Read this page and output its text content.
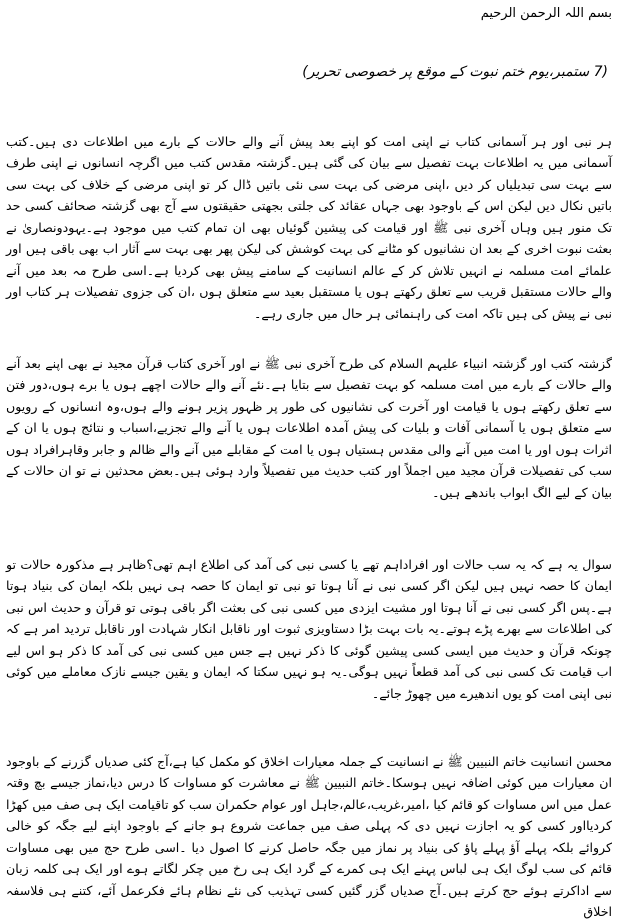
بسم اللہ الرحمن الرحیم
(7 ستمبر،یوم ختم نبوت کے موقع پر خصوصی تحریر)

ہر نبی اور ہر آسمانی کتاب نے اپنی امت کو اپنے بعد پیش آنے والے حالات کے بارے میں اطلاعات دی ہیں۔کتب آسمانی میں یہ اطلاعات بہت تفصیل سے بیان کی گئی ہیں۔گزشتہ مقدس کتب میں اگرچہ انسانوں نے اپنی طرف سے بہت سی تبدیلیاں کر دیں ،اپنی مرضی کی بہت سی نئی باتیں ڈال کر تو اپنی مرضی کے خلاف کی بہت سی باتیں نکال دیں لیکن اس کے باوجود بھی جہاں عقائد کی جلتی بجھتی حقیقتوں سے آج بھی گزشتہ صحائف کسی حد تک منور ہیں وہاں آخری نبی ﷺ اور قیامت کی پیشین گوئیاں بھی ان تمام کتب میں موجود ہے۔یہودونصاریٰ نے بعثت نبوت اخری کے بعد ان نشانیوں کو مٹانے کی بہت کوشش کی لیکن پھر بھی بہت سے آثار اب بھی باقی ہیں اور علمائے امت مسلمہ نے انہیں تلاش کر کے عالم انسانیت کے سامنے پیش بھی کردیا ہے۔اسی طرح مہ بعد میں آنے والے حالات مستقبل قریب سے تعلق رکھتے ہوں یا مستقبل بعید سے متعلق ہوں ،ان کی جزوی تفصیلات ہر کتاب اور نبی نے پیش کی ہیں تاکہ امت کی راہنمائی ہر حال میں جاری رہے۔

گزشتہ کتب اور گزشتہ انبیاء علیہم السلام کی طرح آخری نبی ﷺ نے اور آخری کتاب قرآن مجید نے بھی اپنے بعد آنے والے حالات کے بارے میں امت مسلمہ کو بہت تفصیل سے بتایا ہے۔نئے آنے والے حالات اچھے ہوں یا برے ہوں،دور فتن سے تعلق رکھتے ہوں یا قیامت اور آخرت کی نشانیوں کی طور پر ظہور پزیر ہونے والے ہوں،وہ انسانوں کے رویوں سے متعلق ہوں یا آسمانی آفات و بلیات کی پیش آمدہ اطلاعات ہوں یا آنے والے تجزیے،اسباب و نتائج ہوں یا ان کے اثرات ہوں اور یا امت میں آنے والی مقدس ہستیاں ہوں یا امت کے مقابلے میں آنے والے ظالم و جابر وقاہرافراد ہوں سب کی تفصیلات قرآن مجید میں اجملاً اور کتب حدیث میں تفصیلاً وارد ہوئی ہیں۔بعض محدثین نے تو ان حالات کے بیان کے لیے الگ ابواب باندھے ہیں۔

سوال یہ ہے کہ یہ سب حالات اور افراداہم تھے یا کسی نبی کی آمد کی اطلاع اہم تھی؟ظاہر ہے مذکورہ حالات تو ایمان کا حصہ نہیں ہیں لیکن اگر کسی نبی نے آنا ہوتا تو نبی تو ایمان کا حصہ ہی نہیں بلکہ ایمان کی بنیاد ہوتا ہے۔پس اگر کسی نبی نے آنا ہوتا اور مشیت ایزدی میں کسی نبی کی بعثت اگر باقی ہوتی تو قرآن و حدیث اس نبی کی اطلاعات سے بھرے پڑے ہوتے۔یہ بات بہت بڑا دستاویزی ثبوت اور ناقابل انکار شہادت اور ناقابل تردید امر ہے کہ چونکہ قرآن و حدیث میں ایسی کسی پیشین گوئی کا ذکر نہیں ہے جس میں کسی نبی کی آمد کا ذکر ہو اس لیے اب قیامت تک کسی نبی کی آمد قطعاً نہیں ہوگی۔یہ ہو نہیں سکتا کہ ایمان و یقین جیسے نازک معاملے میں کوئی نبی اپنی امت کو یوں اندھیرے میں چھوڑ جائے۔

محسن انسانیت خاتم النبیین ﷺ نے انسانیت کے جملہ معیارات اخلاق کو مکمل کیا ہے،آج کئی صدیاں گزرنے کے باوجود ان معیارات میں کوئی اضافہ نہیں ہوسکا۔خاتم النبیین ﷺ نے معاشرت کو مساوات کا درس دیا،نماز جیسے بچ وقتہ عمل میں اس مساوات کو قائم کیا ،امیر،غریب،عالم،جاہل اور عوام حکمران سب کو تاقیامت ایک ہی صف میں کھڑا کردیااور کسی کو یہ اجازت نہیں دی کہ پہلی صف میں جماعت شروع ہو جانے کے باوجود اپنے لیے جگہ کو خالی کروائے بلکہ پہلے آؤ پہلے پاؤ کی بنیاد پر نماز میں جگہ حاصل کرنے کا اصول دیا ۔اسی طرح حج میں بھی مساوات قائم کی سب لوگ ایک ہی لباس پہنے ایک ہی کمرے کے گرد ایک ہی رخ میں چکر لگاتے ہوے اور ایک ہی کلمہ زبان سے اداکرتے ہوئے حج کرتے ہیں۔آج صدیاں گزر گئیں کسی تہذیب کی نئے نظام ہائے فکرعمل آئے، کتنے ہی فلاسفہ اخلاق
